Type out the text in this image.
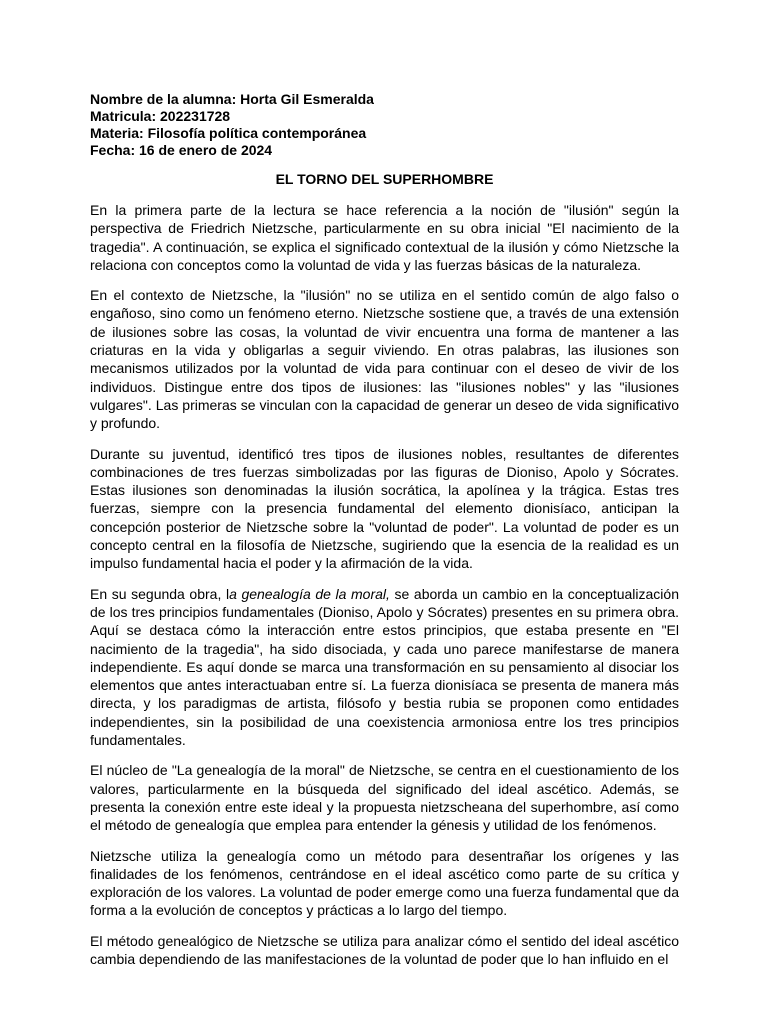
Nombre de la alumna: Horta Gil Esmeralda

Matricula: 202231728

Materia: Filosofía política contemporánea

Fecha: 16 de enero de 2024

EL TORNO DEL SUPERHOMBRE

En la primera parte de la lectura se hace referencia a la noción de "ilusión" según la perspectiva de Friedrich Nietzsche, particularmente en su obra inicial "El nacimiento de la tragedia". A continuación, se explica el significado contextual de la ilusión y cómo Nietzsche la relaciona con conceptos como la voluntad de vida y las fuerzas básicas de la naturaleza.

En el contexto de Nietzsche, la "ilusión" no se utiliza en el sentido común de algo falso o engañoso, sino como un fenómeno eterno. Nietzsche sostiene que, a través de una extensión de ilusiones sobre las cosas, la voluntad de vivir encuentra una forma de mantener a las criaturas en la vida y obligarlas a seguir viviendo. En otras palabras, las ilusiones son mecanismos utilizados por la voluntad de vida para continuar con el deseo de vivir de los individuos. Distingue entre dos tipos de ilusiones: las "ilusiones nobles" y las "ilusiones vulgares". Las primeras se vinculan con la capacidad de generar un deseo de vida significativo y profundo.

Durante su juventud, identificó tres tipos de ilusiones nobles, resultantes de diferentes combinaciones de tres fuerzas simbolizadas por las figuras de Dioniso, Apolo y Sócrates. Estas ilusiones son denominadas la ilusión socrática, la apolínea y la trágica. Estas tres fuerzas, siempre con la presencia fundamental del elemento dionisíaco, anticipan la concepción posterior de Nietzsche sobre la "voluntad de poder". La voluntad de poder es un concepto central en la filosofía de Nietzsche, sugiriendo que la esencia de la realidad es un impulso fundamental hacia el poder y la afirmación de la vida.

En su segunda obra, la genealogía de la moral, se aborda un cambio en la conceptualización de los tres principios fundamentales (Dioniso, Apolo y Sócrates) presentes en su primera obra. Aquí se destaca cómo la interacción entre estos principios, que estaba presente en "El nacimiento de la tragedia", ha sido disociada, y cada uno parece manifestarse de manera independiente. Es aquí donde se marca una transformación en su pensamiento al disociar los elementos que antes interactuaban entre sí. La fuerza dionisíaca se presenta de manera más directa, y los paradigmas de artista, filósofo y bestia rubia se proponen como entidades independientes, sin la posibilidad de una coexistencia armoniosa entre los tres principios fundamentales.

El núcleo de "La genealogía de la moral" de Nietzsche, se centra en el cuestionamiento de los valores, particularmente en la búsqueda del significado del ideal ascético. Además, se presenta la conexión entre este ideal y la propuesta nietzscheana del superhombre, así como el método de genealogía que emplea para entender la génesis y utilidad de los fenómenos.

Nietzsche utiliza la genealogía como un método para desentrañar los orígenes y las finalidades de los fenómenos, centrándose en el ideal ascético como parte de su crítica y exploración de los valores. La voluntad de poder emerge como una fuerza fundamental que da forma a la evolución de conceptos y prácticas a lo largo del tiempo.

El método genealógico de Nietzsche se utiliza para analizar cómo el sentido del ideal ascético cambia dependiendo de las manifestaciones de la voluntad de poder que lo han influido en el
